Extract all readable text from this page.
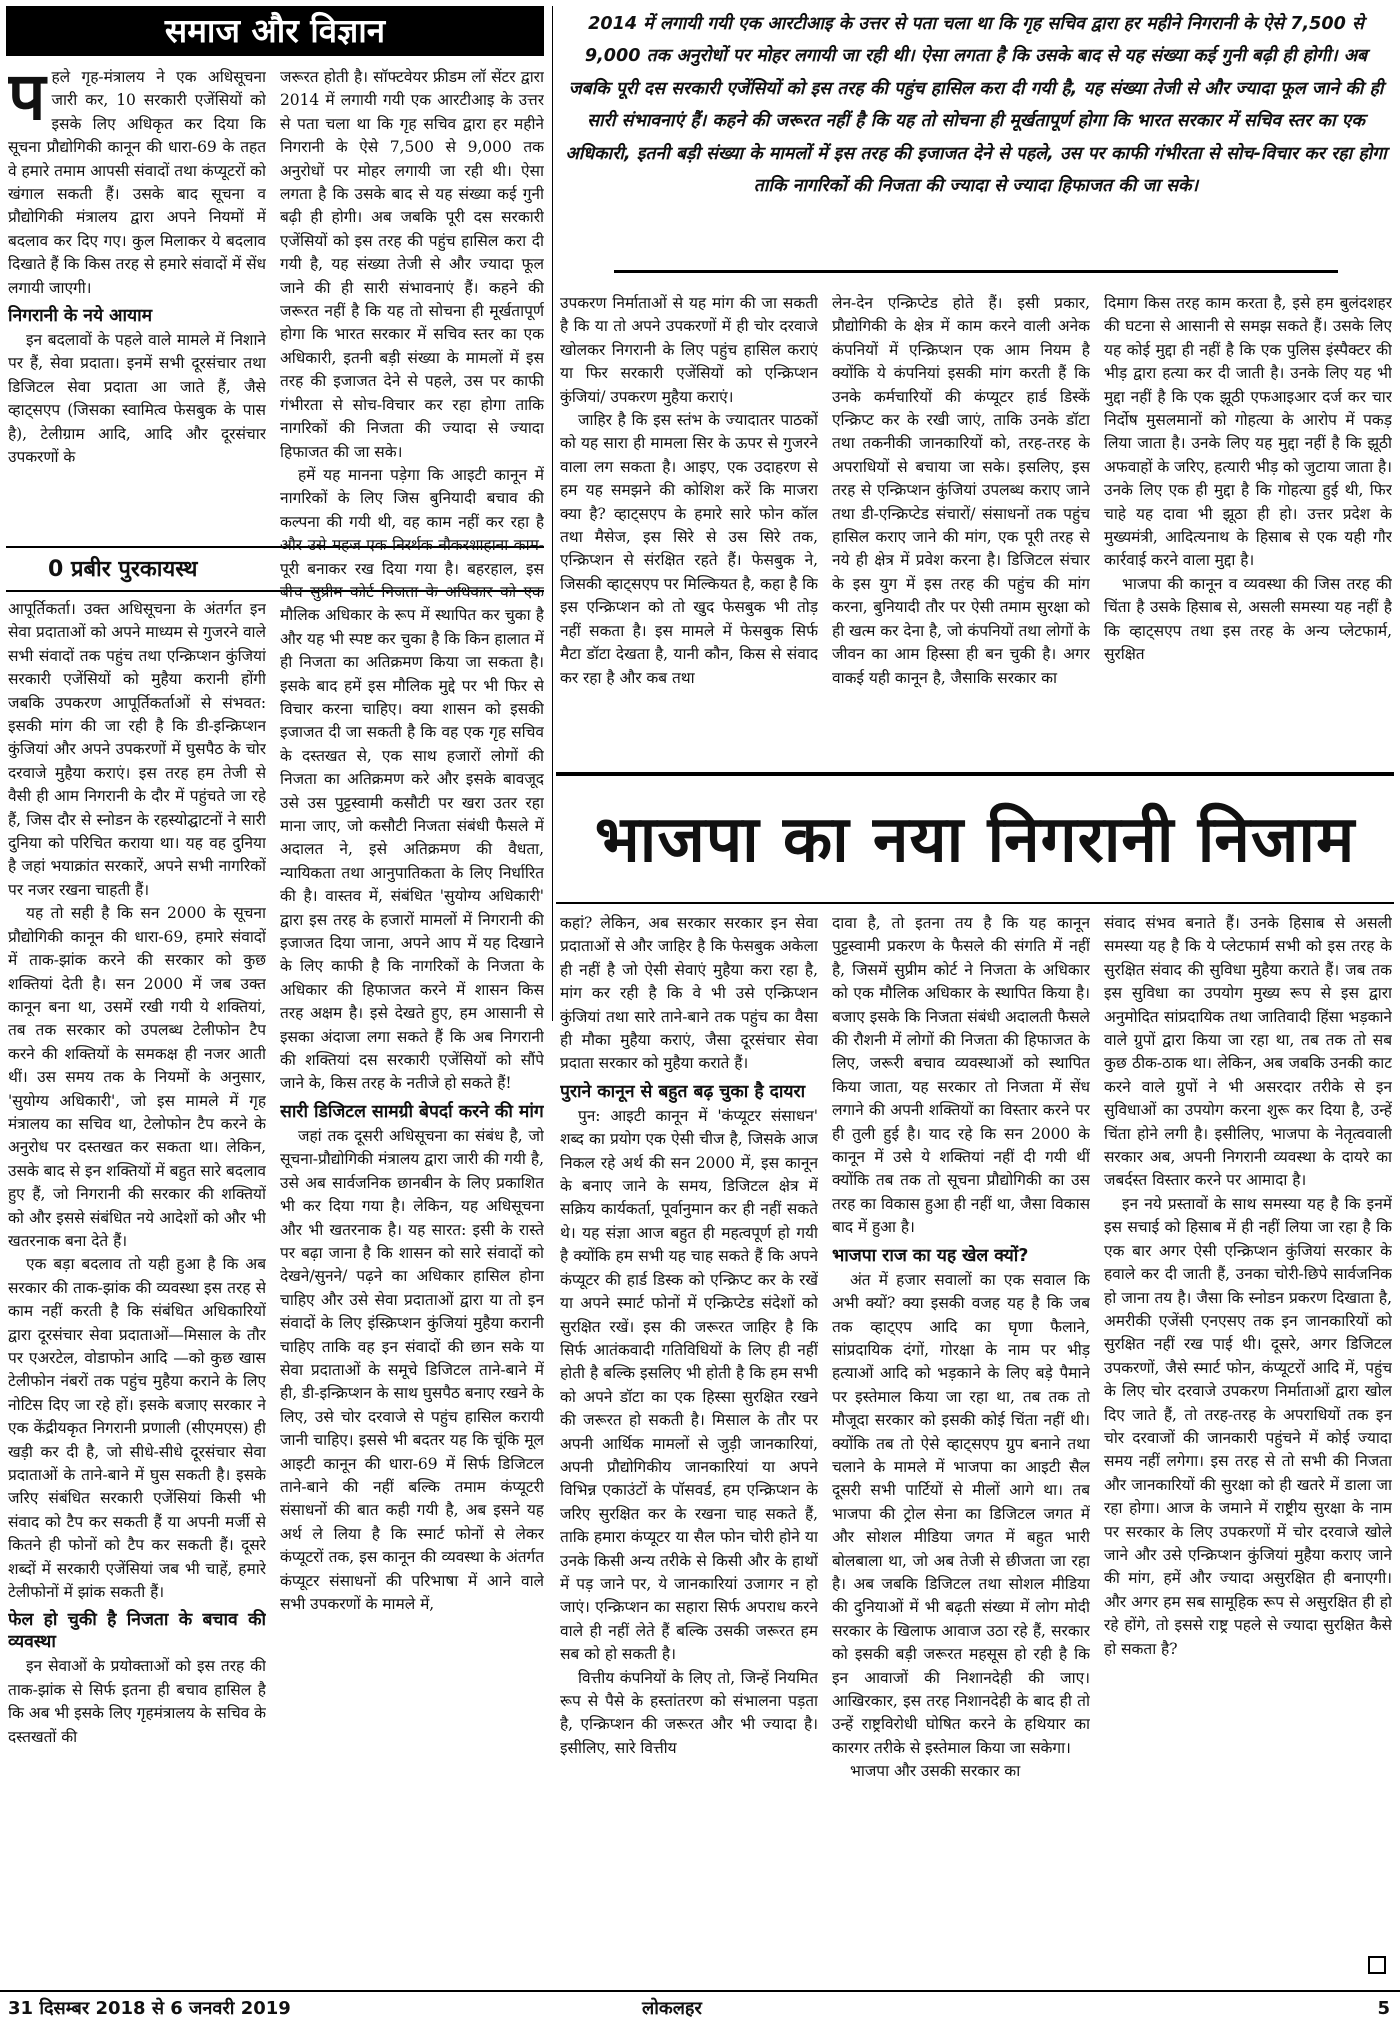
समाज और विज्ञान	2014 में लगायी गयी एक आरटीआइ के उत्तर से पता चला था कि गृह सचिव द्वारा हर महीने निगरानी के ऐसे 7,500 से 9,000 तक अनुरोधों पर मोहर लगायी जा रही थी। ऐसा लगता है कि उसके बाद से यह संख्या कई गुनी बढ़ी ही होगी। अब जबकि पूरी दस सरकारी एजेंसियों को इस तरह की पहुंच हासिल करा दी गयी है, यह संख्या तेजी से और ज्यादा फूल जाने की ही सारी संभावनाएं हैं। कहने की जरूरत नहीं है कि यह तो सोचना ही मूर्खतापूर्ण होगा कि भारत सरकार में सचिव स्तर का एक अधिकारी, इतनी बड़ी संख्या के मामलों में इस तरह की इजाजत देने से पहले, उस पर काफी गंभीरता से सोच-विचार कर रहा होगा ताकि नागरिकों की निजता की ज्यादा से ज्यादा हिफाजत की जा सके।
भाजपा का नया निगरानी निजाम
0 प्रबीर पुरकायस्थ
प हले गृह-मंत्रालय ने एक अधिसूचना जारी कर, 10 सरकारी एजेंसियों को इसके लिए अधिकृत कर दिया कि सूचना प्रौद्योगिकी कानून की धारा-69 के तहत वे हमारे तमाम आपसी संवादों तथा कंप्यूटरों को खंगाल सकती हैं। उसके बाद सूचना व प्रौद्योगिकी मंत्रालय द्वारा अपने नियमों में बदलाव कर दिए गए। कुल मिलाकर ये बदलाव दिखाते हैं कि किस तरह से हमारे संवादों में सेंध लगायी जाएगी।

निगरानी के नये आयाम

इन बदलावों के पहले वाले मामले में निशाने पर हैं, सेवा प्रदाता। इनमें सभी दूरसंचार तथा डिजिटल सेवा प्रदाता आ जाते हैं, जैसे व्हाट्सएप (जिसका स्वामित्व फेसबुक के पास है), टेलीग्राम आदि, आदि और दूरसंचार उपकरणों के

आपूर्तिकर्ता। उक्त अधिसूचना के अंतर्गत इन सेवा प्रदाताओं को अपने माध्यम से गुजरने वाले सभी संवादों तक पहुंच तथा एन्क्रिप्शन कुंजियां सरकारी एजेंसियों को मुहैया करानी होंगी जबकि उपकरण आपूर्तिकर्ताओं से संभवत: इसकी मांग की जा रही है कि डी-इन्क्रिप्शन कुंजियां और अपने उपकरणों में घुसपैठ के चोर दरवाजे मुहैया कराएं। इस तरह हम तेजी से वैसी ही आम निगरानी के दौर में पहुंचते जा रहे हैं, जिस दौर से स्नोडन के रहस्योद्घाटनों ने सारी दुनिया को परिचित कराया था। यह वह दुनिया है जहां भयाक्रांत सरकारें, अपने सभी नागरिकों पर नजर रखना चाहती हैं।

यह तो सही है कि सन 2000 के सूचना प्रौद्योगिकी कानून की धारा-69, हमारे संवादों में ताक-झांक करने की सरकार को कुछ शक्तियां देती है। सन 2000 में जब उक्त कानून बना था, उसमें रखी गयी ये शक्तियां, तब तक सरकार को उपलब्ध टेलीफोन टैप करने की शक्तियों के समकक्ष ही नजर आती थीं। उस समय तक के नियमों के अनुसार, 'सुयोग्य अधिकारी', जो इस मामले में गृह मंत्रालय का सचिव था, टेलोफोन टैप करने के अनुरोध पर दस्तखत कर सकता था। लेकिन, उसके बाद से इन शक्तियों में बहुत सारे बदलाव हुए हैं, जो निगरानी की सरकार की शक्तियों को और इससे संबंधित नये आदेशों को और भी खतरनाक बना देते हैं।

एक बड़ा बदलाव तो यही हुआ है कि अब सरकार की ताक-झांक की व्यवस्था इस तरह से काम नहीं करती है कि संबंधित अधिकारियों द्वारा दूरसंचार सेवा प्रदाताओं—मिसाल के तौर पर एअरटेल, वोडाफोन आदि —को कुछ खास टेलीफोन नंबरों तक पहुंच मुहैया कराने के लिए नोटिस दिए जा रहे हों। इसके बजाए सरकार ने एक केंद्रीयकृत निगरानी प्रणाली (सीएमएस) ही खड़ी कर दी है, जो सीधे-सीधे दूरसंचार सेवा प्रदाताओं के ताने-बाने में घुस सकती है। इसके जरिए संबंधित सरकारी एजेंसियां किसी भी संवाद को टैप कर सकती हैं या अपनी मर्जी से कितने ही फोनों को टैप कर सकती हैं। दूसरे शब्दों में सरकारी एजेंसियां जब भी चाहें, हमारे टेलीफोनों में झांक सकती हैं।

फेल हो चुकी है निजता के बचाव की व्यवस्था

इन सेवाओं के प्रयोक्ताओं को इस तरह की ताक-झांक से सिर्फ इतना ही बचाव हासिल है कि अब भी इसके लिए गृहमंत्रालय के सचिव के दस्तखतों की

जरूरत होती है। सॉफ्टवेयर फ्रीडम लॉ सेंटर द्वारा 2014 में लगायी गयी एक आरटीआइ के उत्तर से पता चला था कि गृह सचिव द्वारा हर महीने निगरानी के ऐसे 7,500 से 9,000 तक अनुरोधों पर मोहर लगायी जा रही थी। ऐसा लगता है कि उसके बाद से यह संख्या कई गुनी बढ़ी ही होगी। अब जबकि पूरी दस सरकारी एजेंसियों को इस तरह की पहुंच हासिल करा दी गयी है, यह संख्या तेजी से और ज्यादा फूल जाने की ही सारी संभावनाएं हैं। कहने की जरूरत नहीं है कि यह तो सोचना ही मूर्खतापूर्ण होगा कि भारत सरकार में सचिव स्तर का एक अधिकारी, इतनी बड़ी संख्या के मामलों में इस तरह की इजाजत देने से पहले, उस पर काफी गंभीरता से सोच-विचार कर रहा होगा ताकि नागरिकों की निजता की ज्यादा से ज्यादा हिफाजत की जा सके।

हमें यह मानना पड़ेगा कि आइटी कानून में नागरिकों के लिए जिस बुनियादी बचाव की कल्पना की गयी थी, वह काम नहीं कर रहा है और उसे महज एक निरर्थक नौकरशाहाना काम-पूरी बनाकर रख दिया गया है। बहरहाल, इस बीच सुप्रीम कोर्ट निजता के अधिकार को एक मौलिक अधिकार के रूप में स्थापित कर चुका है और यह भी स्पष्ट कर चुका है कि किन हालात में ही निजता का अतिक्रमण किया जा सकता है। इसके बाद हमें इस मौलिक मुद्दे पर भी फिर से विचार करना चाहिए। क्या शासन को इसकी इजाजत दी जा सकती है कि वह एक गृह सचिव के दस्तखत से, एक साथ हजारों लोगों की निजता का अतिक्रमण करे और इसके बावजूद उसे उस पुट्टस्वामी कसौटी पर खरा उतर रहा माना जाए, जो कसौटी निजता संबंधी फैसले में अदालत ने, इसे अतिक्रमण की वैधता, न्यायिकता तथा आनुपातिकता के लिए निर्धारित की है। वास्तव में, संबंधित 'सुयोग्य अधिकारी' द्वारा इस तरह के हजारों मामलों में निगरानी की इजाजत दिया जाना, अपने आप में यह दिखाने के लिए काफी है कि नागरिकों के निजता के अधिकार की हिफाजत करने में शासन किस तरह अक्षम है। इसे देखते हुए, हम आसानी से इसका अंदाजा लगा सकते हैं कि अब निगरानी की शक्तियां दस सरकारी एजेंसियों को सौंपे जाने के, किस तरह के नतीजे हो सकते हैं!

सारी डिजिटल सामग्री बेपर्दा करने की मांग

जहां तक दूसरी अधिसूचना का संबंध है, जो सूचना-प्रौद्योगिकी मंत्रालय द्वारा जारी की गयी है, उसे अब सार्वजनिक छानबीन के लिए प्रकाशित भी कर दिया गया है। लेकिन, यह अधिसूचना और भी खतरनाक है। यह सारत: इसी के रास्ते पर बढ़ा जाना है कि शासन को सारे संवादों को देखने/सुनने/ पढ़ने का अधिकार हासिल होना चाहिए और उसे सेवा प्रदाताओं द्वारा या तो इन संवादों के लिए इंस्क्रिप्शन कुंजियां मुहैया करानी चाहिए ताकि वह इन संवादों की छान सके या सेवा प्रदाताओं के समूचे डिजिटल ताने-बाने में ही, डी-इन्क्रिप्शन के साथ घुसपैठ बनाए रखने के लिए, उसे चोर दरवाजे से पहुंच हासिल करायी जानी चाहिए। इससे भी बदतर यह कि चूंकि मूल आइटी कानून की धारा-69 में सिर्फ डिजिटल ताने-बाने की नहीं बल्कि तमाम कंप्यूटरी संसाधनों की बात कही गयी है, अब इसने यह अर्थ ले लिया है कि स्मार्ट फोनों से लेकर कंप्यूटरों तक, इस कानून की व्यवस्था के अंतर्गत कंप्यूटर संसाधनों की परिभाषा में आने वाले सभी उपकरणों के मामले में,

उपकरण निर्माताओं से यह मांग की जा सकती है कि या तो अपने उपकरणों में ही चोर दरवाजे खोलकर निगरानी के लिए पहुंच हासिल कराएं या फिर सरकारी एजेंसियों को एन्क्रिप्शन कुंजियां/ उपकरण मुहैया कराएं।

जाहिर है कि इस स्तंभ के ज्यादातर पाठकों को यह सारा ही मामला सिर के ऊपर से गुजरने वाला लग सकता है। आइए, एक उदाहरण से हम यह समझने की कोशिश करें कि माजरा क्या है? व्हाट्सएप के हमारे सारे फोन कॉल तथा मैसेज, इस सिरे से उस सिरे तक, एन्क्रिप्शन से संरक्षित रहते हैं। फेसबुक ने, जिसकी व्हाट्सएप पर मिल्कियत है, कहा है कि इस एन्क्रिप्शन को तो खुद फेसबुक भी तोड़ नहीं सकता है। इस मामले में फेसबुक सिर्फ मैटा डॉटा देखता है, यानी कौन, किस से संवाद कर रहा है और कब तथा

लेन-देन एन्क्रिप्टेड होते हैं। इसी प्रकार, प्रौद्योगिकी के क्षेत्र में काम करने वाली अनेक कंपनियों में एन्क्रिप्शन एक आम नियम है क्योंकि ये कंपनियां इसकी मांग करती हैं कि उनके कर्मचारियों की कंप्यूटर हार्ड डिस्कें एन्क्रिप्ट कर के रखी जाएं, ताकि उनके डॉटा तथा तकनीकी जानकारियों को, तरह-तरह के अपराधियों से बचाया जा सके। इसलिए, इस तरह से एन्क्रिप्शन कुंजियां उपलब्ध कराए जाने तथा डी-एन्क्रिप्टेड संचारों/ संसाधनों तक पहुंच हासिल कराए जाने की मांग, एक पूरी तरह से नये ही क्षेत्र में प्रवेश करना है। डिजिटल संचार के इस युग में इस तरह की पहुंच की मांग करना, बुनियादी तौर पर ऐसी तमाम सुरक्षा को ही खत्म कर देना है, जो कंपनियों तथा लोगों के जीवन का आम हिस्सा ही बन चुकी है। अगर वाकई यही कानून है, जैसाकि सरकार का

दिमाग किस तरह काम करता है, इसे हम बुलंदशहर की घटना से आसानी से समझ सकते हैं। उसके लिए यह कोई मुद्दा ही नहीं है कि एक पुलिस इंस्पैक्टर की भीड़ द्वारा हत्या कर दी जाती है। उनके लिए यह भी मुद्दा नहीं है कि एक झूठी एफआइआर दर्ज कर चार निर्दोष मुसलमानों को गोहत्या के आरोप में पकड़ लिया जाता है। उनके लिए यह मुद्दा नहीं है कि झूठी अफवाहों के जरिए, हत्यारी भीड़ को जुटाया जाता है। उनके लिए एक ही मुद्दा है कि गोहत्या हुई थी, फिर चाहे यह दावा भी झूठा ही हो। उत्तर प्रदेश के मुख्यमंत्री, आदित्यनाथ के हिसाब से एक यही गौर कार्रवाई करने वाला मुद्दा है।

भाजपा की कानून व व्यवस्था की जिस तरह की चिंता है उसके हिसाब से, असली समस्या यह नहीं है कि व्हाट्सएप तथा इस तरह के अन्य प्लेटफार्म, सुरक्षित

कहां? लेकिन, अब सरकार सरकार इन सेवा प्रदाताओं से और जाहिर है कि फेसबुक अकेला ही नहीं है जो ऐसी सेवाएं मुहैया करा रहा है, मांग कर रही है कि वे भी उसे एन्क्रिप्शन कुंजियां तथा सारे ताने-बाने तक पहुंच का वैसा ही मौका मुहैया कराएं, जैसा दूरसंचार सेवा प्रदाता सरकार को मुहैया कराते हैं।

पुराने कानून से बहुत बढ़ चुका है दायरा

पुन: आइटी कानून में 'कंप्यूटर संसाधन' शब्द का प्रयोग एक ऐसी चीज है, जिसके आज निकल रहे अर्थ की सन 2000 में, इस कानून के बनाए जाने के समय, डिजिटल क्षेत्र में सक्रिय कार्यकर्ता, पूर्वानुमान कर ही नहीं सकते थे। यह संज्ञा आज बहुत ही महत्वपूर्ण हो गयी है क्योंकि हम सभी यह चाह सकते हैं कि अपने कंप्यूटर की हार्ड डिस्क को एन्क्रिप्ट कर के रखें या अपने स्मार्ट फोनों में एन्क्रिप्टेड संदेशों को सुरक्षित रखें। इस की जरूरत जाहिर है कि सिर्फ आतंकवादी गतिविधियों के लिए ही नहीं होती है बल्कि इसलिए भी होती है कि हम सभी को अपने डॉटा का एक हिस्सा सुरक्षित रखने की जरूरत हो सकती है। मिसाल के तौर पर अपनी आर्थिक मामलों से जुड़ी जानकारियां, अपनी प्रौद्योगिकीय जानकारियां या अपने विभिन्न एकाउंटों के पॉसवर्ड, हम एन्क्रिप्शन के जरिए सुरक्षित कर के रखना चाह सकते हैं, ताकि हमारा कंप्यूटर या सैल फोन चोरी होने या उनके किसी अन्य तरीके से किसी और के हाथों में पड़ जाने पर, ये जानकारियां उजागर न हो जाएं। एन्क्रिप्शन का सहारा सिर्फ अपराध करने वाले ही नहीं लेते हैं बल्कि उसकी जरूरत हम सब को हो सकती है।

वित्तीय कंपनियों के लिए तो, जिन्हें नियमित रूप से पैसे के हस्तांतरण को संभालना पड़ता है, एन्क्रिप्शन की जरूरत और भी ज्यादा है। इसीलिए, सारे वित्तीय

दावा है, तो इतना तय है कि यह कानून पुट्टस्वामी प्रकरण के फैसले की संगति में नहीं है, जिसमें सुप्रीम कोर्ट ने निजता के अधिकार को एक मौलिक अधिकार के स्थापित किया है। बजाए इसके कि निजता संबंधी अदालती फैसले की रौशनी में लोगों की निजता की हिफाजत के लिए, जरूरी बचाव व्यवस्थाओं को स्थापित किया जाता, यह सरकार तो निजता में सेंध लगाने की अपनी शक्तियों का विस्तार करने पर ही तुली हुई है। याद रहे कि सन 2000 के कानून में उसे ये शक्तियां नहीं दी गयी थीं क्योंकि तब तक तो सूचना प्रौद्योगिकी का उस तरह का विकास हुआ ही नहीं था, जैसा विकास बाद में हुआ है।

भाजपा राज का यह खेल क्यों?

अंत में हजार सवालों का एक सवाल कि अभी क्यों? क्या इसकी वजह यह है कि जब तक व्हाट्एप आदि का घृणा फैलाने, सांप्रदायिक दंगों, गोरक्षा के नाम पर भीड़ हत्याओं आदि को भड़काने के लिए बड़े पैमाने पर इस्तेमाल किया जा रहा था, तब तक तो मौजूदा सरकार को इसकी कोई चिंता नहीं थी। क्योंकि तब तो ऐसे व्हाट्सएप ग्रुप बनाने तथा चलाने के मामले में भाजपा का आइटी सैल दूसरी सभी पार्टियों से मीलों आगे था। तब भाजपा की ट्रोल सेना का डिजिटल जगत में और सोशल मीडिया जगत में बहुत भारी बोलबाला था, जो अब तेजी से छीजता जा रहा है। अब जबकि डिजिटल तथा सोशल मीडिया की दुनियाओं में भी बढ़ती संख्या में लोग मोदी सरकार के खिलाफ आवाज उठा रहे हैं, सरकार को इसकी बड़ी जरूरत महसूस हो रही है कि इन आवाजों की निशानदेही की जाए। आखिरकार, इस तरह निशानदेही के बाद ही तो उन्हें राष्ट्रविरोधी घोषित करने के हथियार का कारगर तरीके से इस्तेमाल किया जा सकेगा।

भाजपा और उसकी सरकार का

संवाद संभव बनाते हैं। उनके हिसाब से असली समस्या यह है कि ये प्लेटफार्म सभी को इस तरह के सुरक्षित संवाद की सुविधा मुहैया कराते हैं। जब तक इस सुविधा का उपयोग मुख्य रूप से इस द्वारा अनुमोदित सांप्रदायिक तथा जातिवादी हिंसा भड़काने वाले ग्रुपों द्वारा किया जा रहा था, तब तक तो सब कुछ ठीक-ठाक था। लेकिन, अब जबकि उनकी काट करने वाले ग्रुपों ने भी असरदार तरीके से इन सुविधाओं का उपयोग करना शुरू कर दिया है, उन्हें चिंता होने लगी है। इसीलिए, भाजपा के नेतृत्ववाली सरकार अब, अपनी निगरानी व्यवस्था के दायरे का जबर्दस्त विस्तार करने पर आमादा है।

इन नये प्रस्तावों के साथ समस्या यह है कि इनमें इस सचाई को हिसाब में ही नहीं लिया जा रहा है कि एक बार अगर ऐसी एन्क्रिप्शन कुंजियां सरकार के हवाले कर दी जाती हैं, उनका चोरी-छिपे सार्वजनिक हो जाना तय है। जैसा कि स्नोडन प्रकरण दिखाता है, अमरीकी एजेंसी एनएसए तक इन जानकारियों को सुरक्षित नहीं रख पाई थी। दूसरे, अगर डिजिटल उपकरणों, जैसे स्मार्ट फोन, कंप्यूटरों आदि में, पहुंच के लिए चोर दरवाजे उपकरण निर्माताओं द्वारा खोल दिए जाते हैं, तो तरह-तरह के अपराधियों तक इन चोर दरवाजों की जानकारी पहुंचने में कोई ज्यादा समय नहीं लगेगा। इस तरह से तो सभी की निजता और जानकारियों की सुरक्षा को ही खतरे में डाला जा रहा होगा। आज के जमाने में राष्ट्रीय सुरक्षा के नाम पर सरकार के लिए उपकरणों में चोर दरवाजे खोले जाने और उसे एन्क्रिप्शन कुंजियां मुहैया कराए जाने की मांग, हमें और ज्यादा असुरक्षित ही बनाएगी। और अगर हम सब सामूहिक रूप से असुरक्षित ही हो रहे होंगे, तो इससे राष्ट्र पहले से ज्यादा सुरक्षित कैसे हो सकता है?

31 दिसम्बर 2018 से 6 जनवरी 2019	लोकलहर	5
